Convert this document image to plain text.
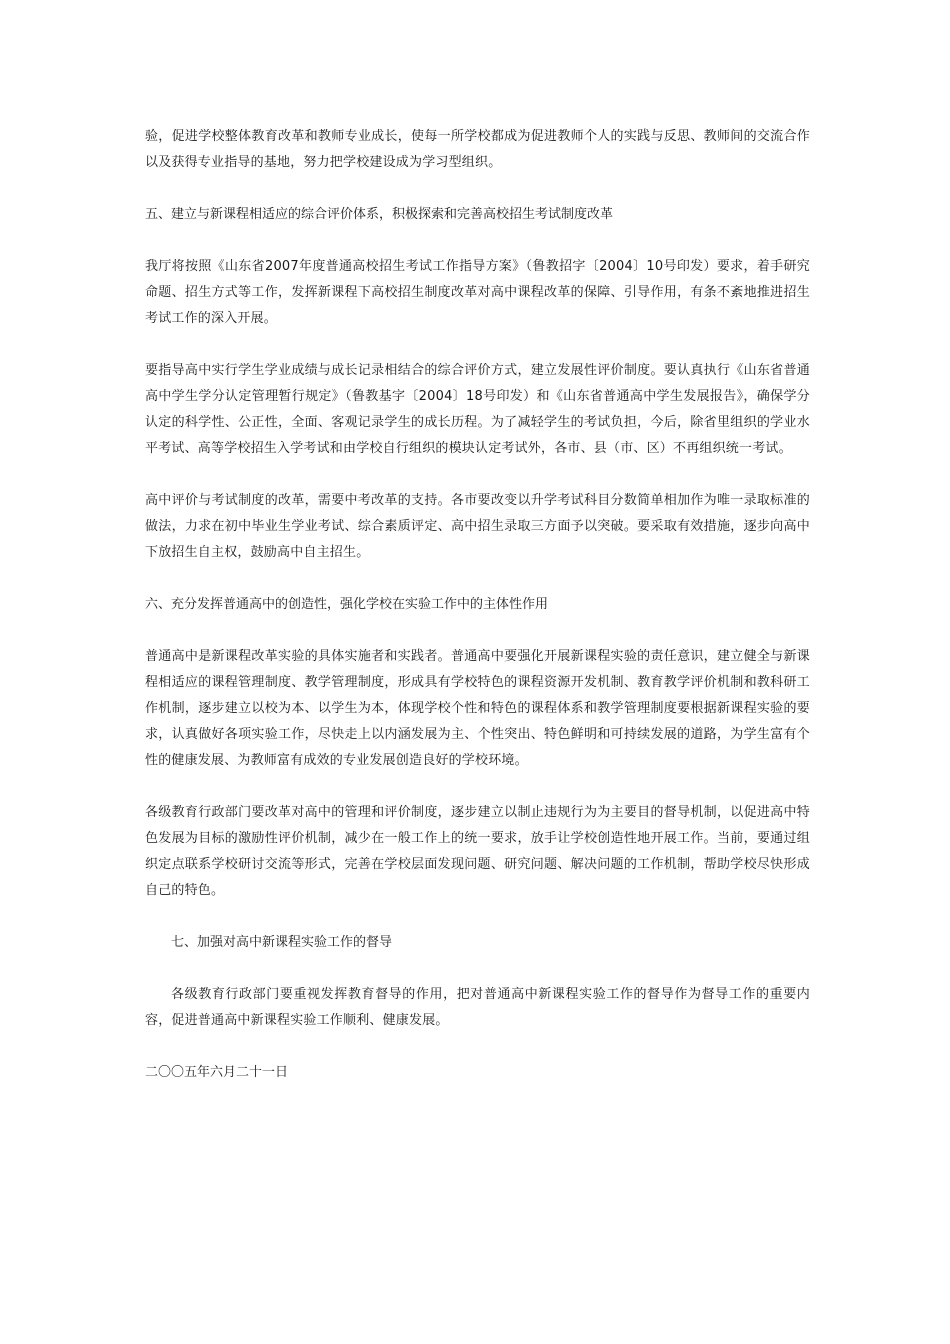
验，促进学校整体教育改革和教师专业成长，使每一所学校都成为促进教师个人的实践与反思、教师间的交流合作以及获得专业指导的基地，努力把学校建设成为学习型组织。

五、建立与新课程相适应的综合评价体系，积极探索和完善高校招生考试制度改革

我厅将按照《山东省2007年度普通高校招生考试工作指导方案》（鲁教招字〔2004〕10号印发）要求，着手研究命题、招生方式等工作，发挥新课程下高校招生制度改革对高中课程改革的保障、引导作用，有条不紊地推进招生考试工作的深入开展。

要指导高中实行学生学业成绩与成长记录相结合的综合评价方式，建立发展性评价制度。要认真执行《山东省普通高中学生学分认定管理暂行规定》（鲁教基字〔2004〕18号印发）和《山东省普通高中学生发展报告》，确保学分认定的科学性、公正性，全面、客观记录学生的成长历程。为了减轻学生的考试负担，今后，除省里组织的学业水平考试、高等学校招生入学考试和由学校自行组织的模块认定考试外，各市、县（市、区）不再组织统一考试。

高中评价与考试制度的改革，需要中考改革的支持。各市要改变以升学考试科目分数简单相加作为唯一录取标准的做法，力求在初中毕业生学业考试、综合素质评定、高中招生录取三方面予以突破。要采取有效措施，逐步向高中下放招生自主权，鼓励高中自主招生。

六、充分发挥普通高中的创造性，强化学校在实验工作中的主体性作用

普通高中是新课程改革实验的具体实施者和实践者。普通高中要强化开展新课程实验的责任意识，建立健全与新课程相适应的课程管理制度、教学管理制度，形成具有学校特色的课程资源开发机制、教育教学评价机制和教科研工作机制，逐步建立以校为本、以学生为本，体现学校个性和特色的课程体系和教学管理制度要根据新课程实验的要求，认真做好各项实验工作，尽快走上以内涵发展为主、个性突出、特色鲜明和可持续发展的道路，为学生富有个性的健康发展、为教师富有成效的专业发展创造良好的学校环境。

各级教育行政部门要改革对高中的管理和评价制度，逐步建立以制止违规行为为主要目的督导机制，以促进高中特色发展为目标的激励性评价机制，减少在一般工作上的统一要求，放手让学校创造性地开展工作。当前，要通过组织定点联系学校研讨交流等形式，完善在学校层面发现问题、研究问题、解决问题的工作机制，帮助学校尽快形成自己的特色。

七、加强对高中新课程实验工作的督导

各级教育行政部门要重视发挥教育督导的作用，把对普通高中新课程实验工作的督导作为督导工作的重要内容，促进普通高中新课程实验工作顺利、健康发展。

二〇〇五年六月二十一日
